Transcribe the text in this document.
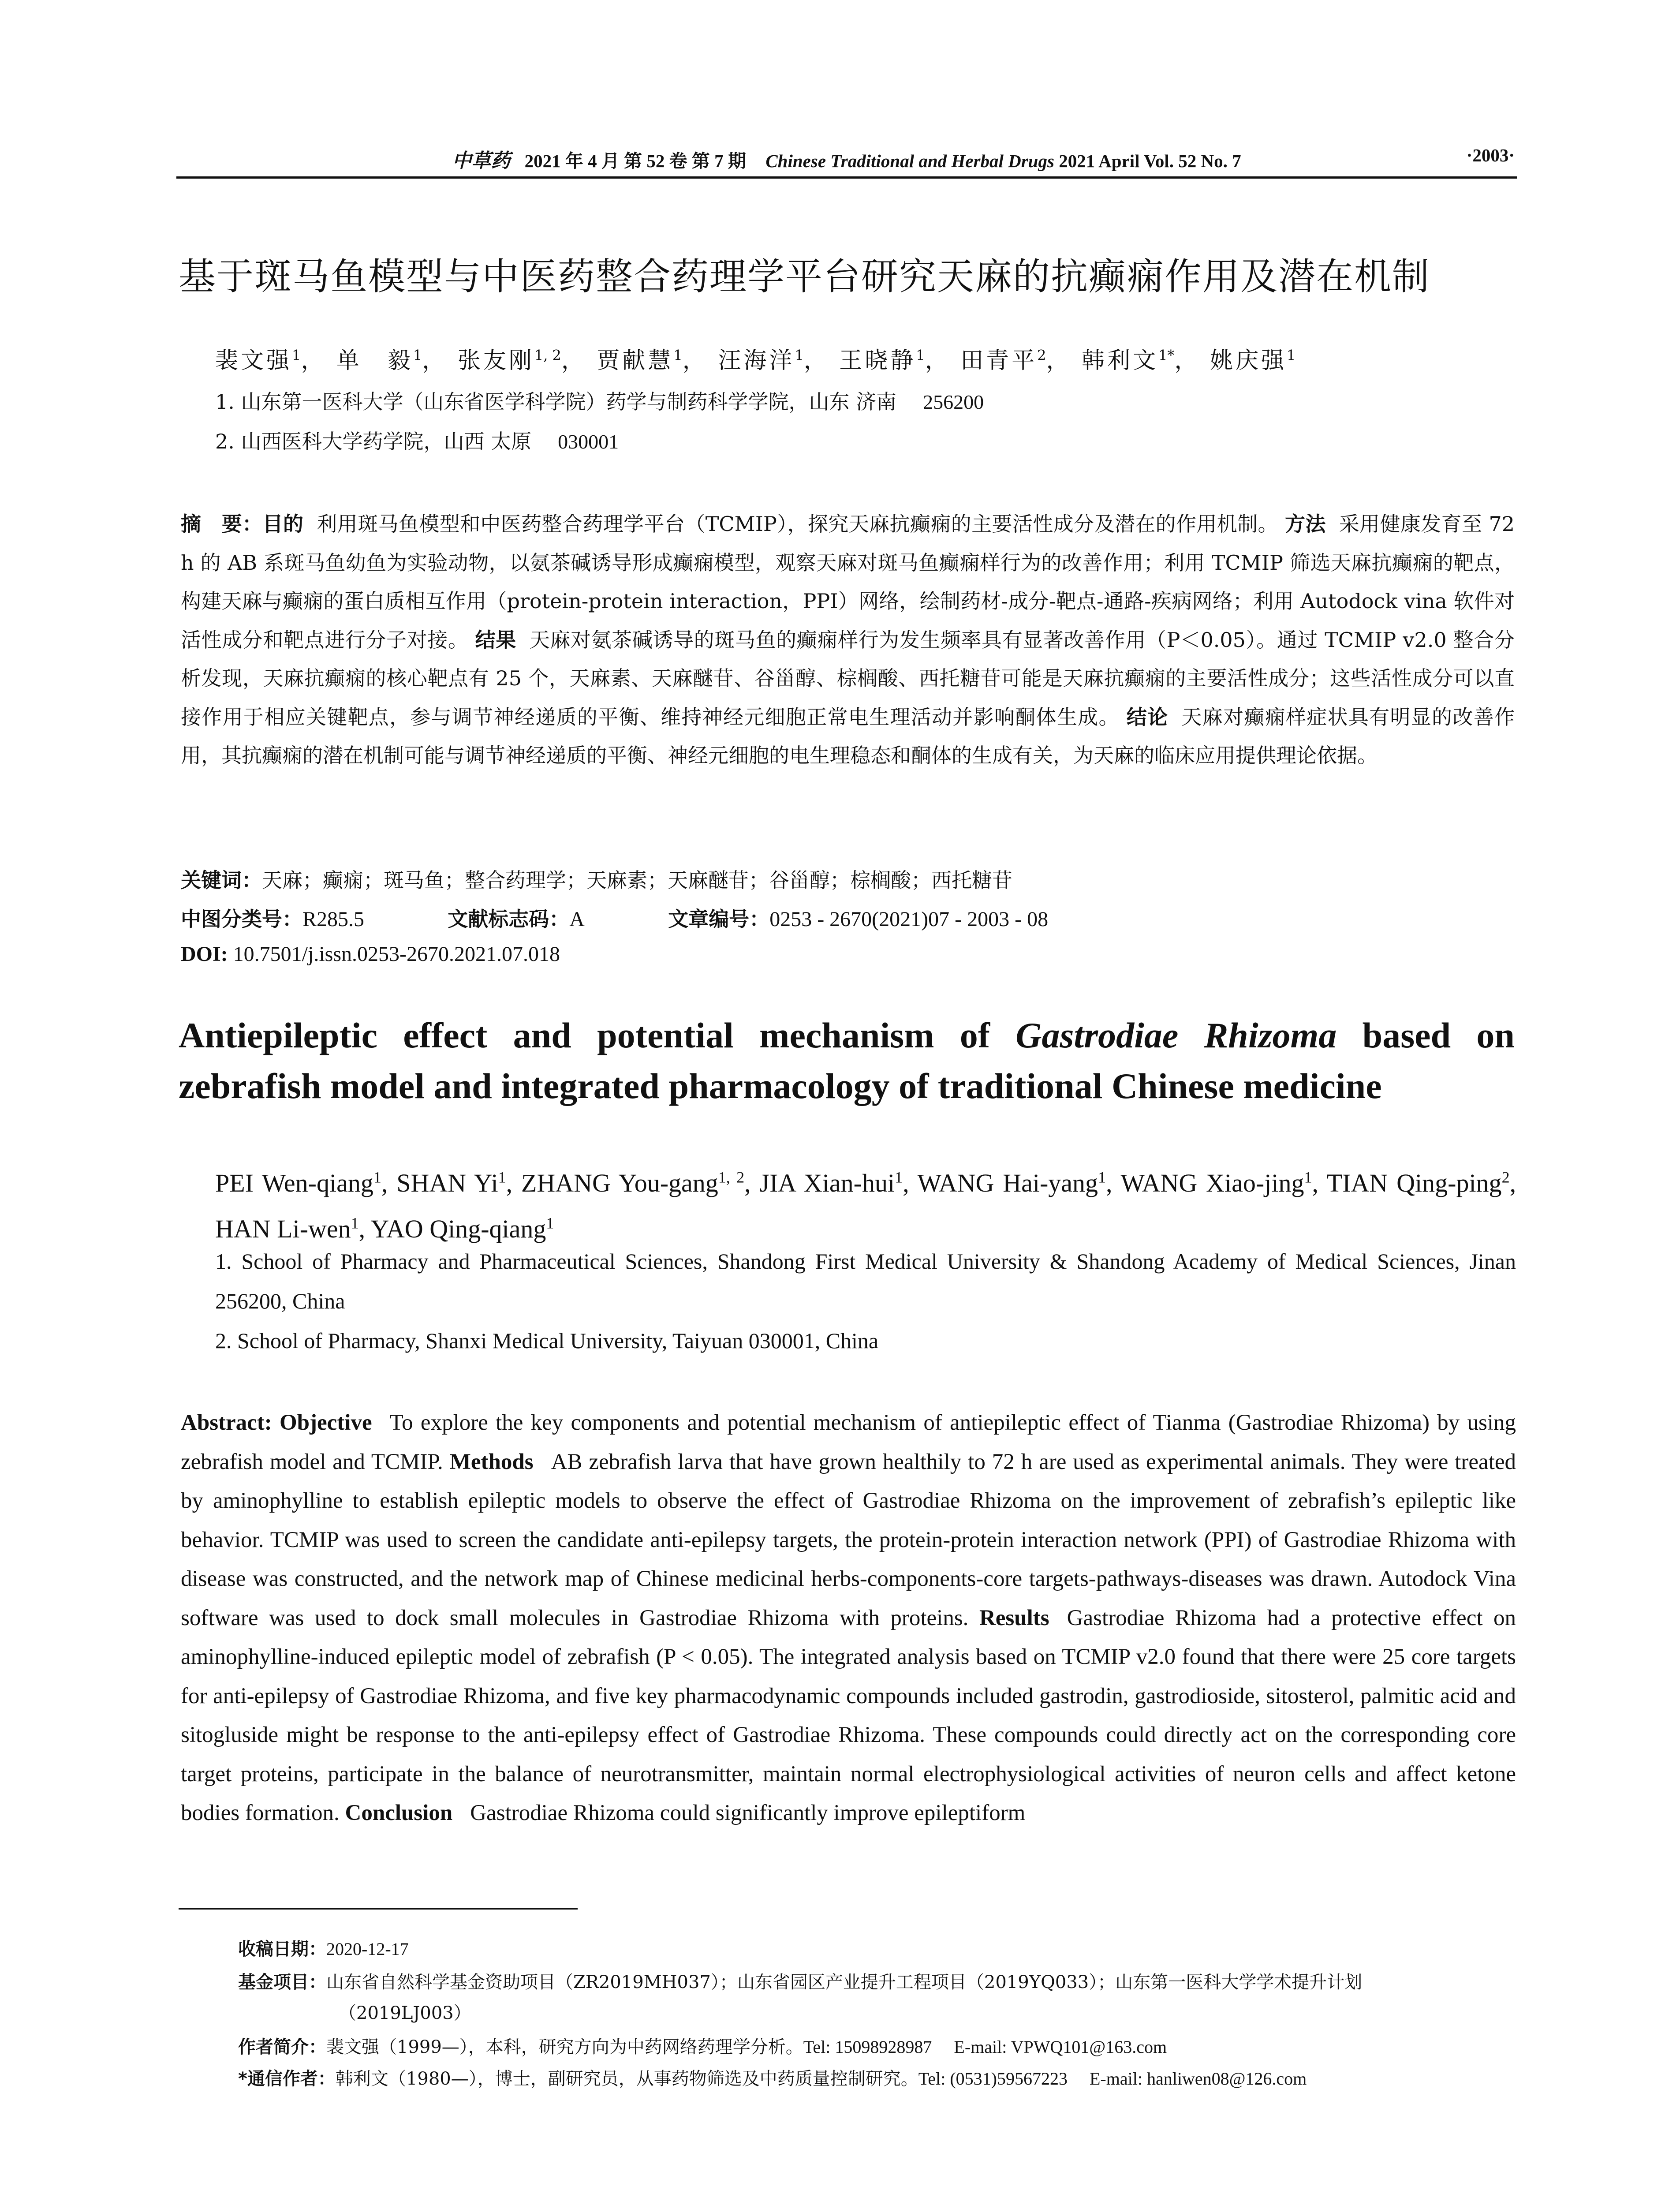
中草药 2021 年 4 月 第 52 卷 第 7 期 Chinese Traditional and Herbal Drugs 2021 April Vol. 52 No. 7	·2003·
基于斑马鱼模型与中医药整合药理学平台研究天麻的抗癫痫作用及潜在机制
裴文强$^1$， 单　毅$^1$， 张友刚$^{1, 2}$， 贾献慧$^1$， 汪海洋$^1$， 王晓静$^1$， 田青平$^2$， 韩利文$^{1*}$， 姚庆强$^1$
1. 山东第一医科大学（山东省医学科学院）药学与制药科学学院，山东 济南 256200
2. 山西医科大学药学院，山西 太原 030001
摘　要：目的 利用斑马鱼模型和中医药整合药理学平台（TCMIP），探究天麻抗癫痫的主要活性成分及潜在的作用机制。 方法 采用健康发育至 72 h 的 AB 系斑马鱼幼鱼为实验动物，以氨茶碱诱导形成癫痫模型，观察天麻对斑马鱼癫痫样行为的改善作用；利用 TCMIP 筛选天麻抗癫痫的靶点，构建天麻与癫痫的蛋白质相互作用（protein-protein interaction，PPI）网络，绘制药材-成分-靶点-通路-疾病网络；利用 Autodock vina 软件对活性成分和靶点进行分子对接。 结果 天麻对氨茶碱诱导的斑马鱼的癫痫样行为发生频率具有显著改善作用（P＜0.05）。通过 TCMIP v2.0 整合分析发现，天麻抗癫痫的核心靶点有 25 个，天麻素、天麻醚苷、谷甾醇、棕榈酸、西托糖苷可能是天麻抗癫痫的主要活性成分；这些活性成分可以直接作用于相应关键靶点，参与调节神经递质的平衡、维持神经元细胞正常电生理活动并影响酮体生成。 结论 天麻对癫痫样症状具有明显的改善作用，其抗癫痫的潜在机制可能与调节神经递质的平衡、神经元细胞的电生理稳态和酮体的生成有关，为天麻的临床应用提供理论依据。
关键词：天麻；癫痫；斑马鱼；整合药理学；天麻素；天麻醚苷；谷甾醇；棕榈酸；西托糖苷
中图分类号：R285.5	文献标志码：A	文章编号：0253 - 2670(2021)07 - 2003 - 08
DOI: 10.7501/j.issn.0253-2670.2021.07.018
Antiepileptic effect and potential mechanism of Gastrodiae Rhizoma based on zebrafish model and integrated pharmacology of traditional Chinese medicine
PEI Wen-qiang$^1$, SHAN Yi$^1$, ZHANG You-gang$^{1, 2}$, JIA Xian-hui$^1$, WANG Hai-yang$^1$, WANG Xiao-jing$^1$, TIAN Qing-ping$^2$, HAN Li-wen$^1$, YAO Qing-qiang$^1$
1. School of Pharmacy and Pharmaceutical Sciences, Shandong First Medical University & Shandong Academy of Medical Sciences, Jinan 256200, China
2. School of Pharmacy, Shanxi Medical University, Taiyuan 030001, China
Abstract: Objective To explore the key components and potential mechanism of antiepileptic effect of Tianma (Gastrodiae Rhizoma) by using zebrafish model and TCMIP. Methods AB zebrafish larva that have grown healthily to 72 h are used as experimental animals. They were treated by aminophylline to establish epileptic models to observe the effect of Gastrodiae Rhizoma on the improvement of zebrafish’s epileptic like behavior. TCMIP was used to screen the candidate anti-epilepsy targets, the protein-protein interaction network (PPI) of Gastrodiae Rhizoma with disease was constructed, and the network map of Chinese medicinal herbs-components-core targets-pathways-diseases was drawn. Autodock Vina software was used to dock small molecules in Gastrodiae Rhizoma with proteins. Results Gastrodiae Rhizoma had a protective effect on aminophylline-induced epileptic model of zebrafish (P < 0.05). The integrated analysis based on TCMIP v2.0 found that there were 25 core targets for anti-epilepsy of Gastrodiae Rhizoma, and five key pharmacodynamic compounds included gastrodin, gastrodioside, sitosterol, palmitic acid and sitogluside might be response to the anti-epilepsy effect of Gastrodiae Rhizoma. These compounds could directly act on the corresponding core target proteins, participate in the balance of neurotransmitter, maintain normal electrophysiological activities of neuron cells and affect ketone bodies formation. Conclusion Gastrodiae Rhizoma could significantly improve epileptiform
收稿日期：2020-12-17
基金项目：山东省自然科学基金资助项目（ZR2019MH037）；山东省园区产业提升工程项目（2019YQ033）；山东第一医科大学学术提升计划
（2019LJ003）
作者简介：裴文强（1999—），本科，研究方向为中药网络药理学分析。Tel: 15098928987 E-mail: VPWQ101@163.com
*通信作者：韩利文（1980—），博士，副研究员，从事药物筛选及中药质量控制研究。Tel: (0531)59567223 E-mail: hanliwen08@126.com
